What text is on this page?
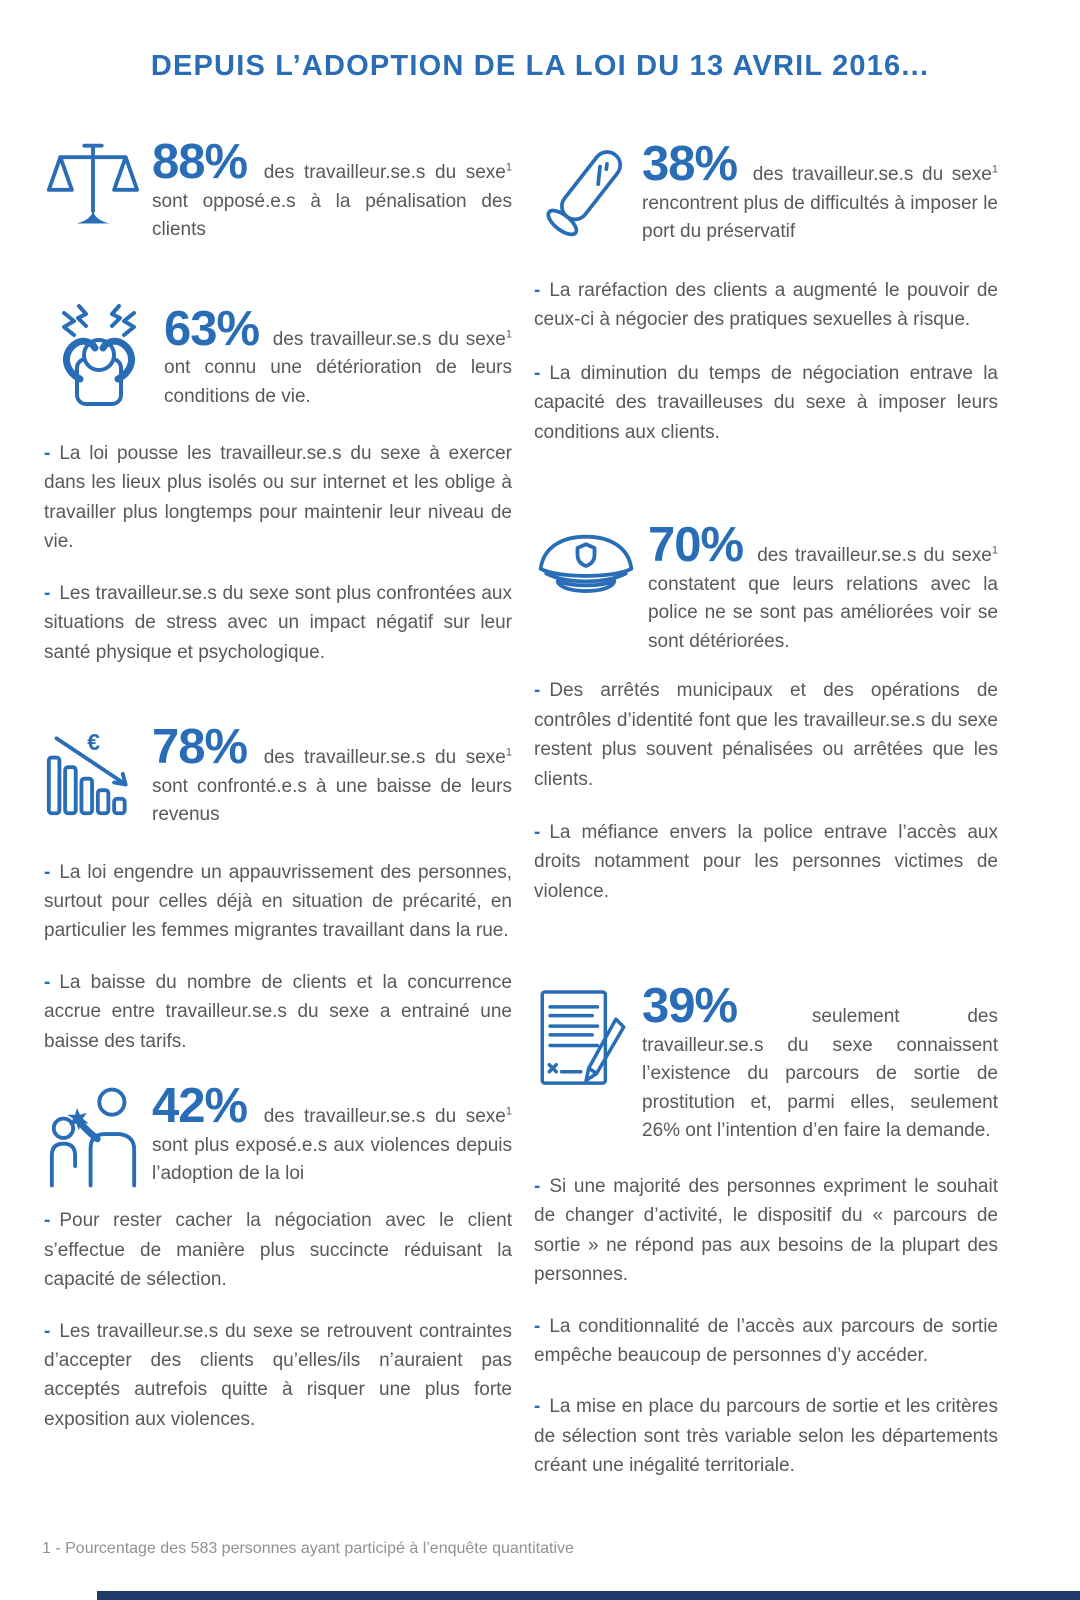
DEPUIS L’ADOPTION DE LA LOI DU 13 AVRIL 2016...

88% des travailleur.se.s du sexe$^1$ sont opposé.e.s à la pénalisation des clients

63% des travailleur.se.s du sexe$^1$ ont connu une détérioration de leurs conditions de vie.

- La loi pousse les travailleur.se.s du sexe à exercer dans les lieux plus isolés ou sur internet et les oblige à travailler plus longtemps pour maintenir leur niveau de vie.

- Les travailleur.se.s du sexe sont plus confrontées aux situations de stress avec un impact négatif sur leur santé physique et psychologique.

€ 78% des travailleur.se.s du sexe$^1$ sont confronté.e.s à une baisse de leurs revenus

- La loi engendre un appauvrissement des personnes, surtout pour celles déjà en situation de précarité, en particulier les femmes migrantes travaillant dans la rue.

- La baisse du nombre de clients et la concurrence accrue entre travailleur.se.s du sexe a entrainé une baisse des tarifs.

42% des travailleur.se.s du sexe$^1$ sont plus exposé.e.s aux violences depuis l’adoption de la loi

- Pour rester cacher la négociation avec le client s’effectue de manière plus succincte réduisant la capacité de sélection.

- Les travailleur.se.s du sexe se retrouvent contraintes d’accepter des clients qu’elles/ils n’auraient pas acceptés autrefois quitte à risquer une plus forte exposition aux violences.

38% des travailleur.se.s du sexe$^1$ rencontrent plus de difficultés à imposer le port du préservatif

- La raréfaction des clients a augmenté le pouvoir de ceux-ci à négocier des pratiques sexuelles à risque.

- La diminution du temps de négociation entrave la capacité des travailleuses du sexe à imposer leurs conditions aux clients.

70% des travailleur.se.s du sexe$^1$ constatent que leurs relations avec la police ne se sont pas améliorées voir se sont détériorées.

- Des arrêtés municipaux et des opérations de contrôles d’identité font que les travailleur.se.s du sexe restent plus souvent pénalisées ou arrêtées que les clients.

- La méfiance envers la police entrave l’accès aux droits notamment pour les personnes victimes de violence.

39%	seulement des travailleur.se.s du sexe connaissent l’existence du parcours de sortie de prostitution et, parmi elles, seulement 26% ont l’intention d’en faire la demande.

- Si une majorité des personnes expriment le souhait de changer d’activité, le dispositif du « parcours de sortie » ne répond pas aux besoins de la plupart des personnes.

- La conditionnalité de l’accès aux parcours de sortie empêche beaucoup de personnes d’y accéder.

- La mise en place du parcours de sortie et les critères de sélection sont très variable selon les départements créant une inégalité territoriale.

1 - Pourcentage des 583 personnes ayant participé à l’enquête quantitative
